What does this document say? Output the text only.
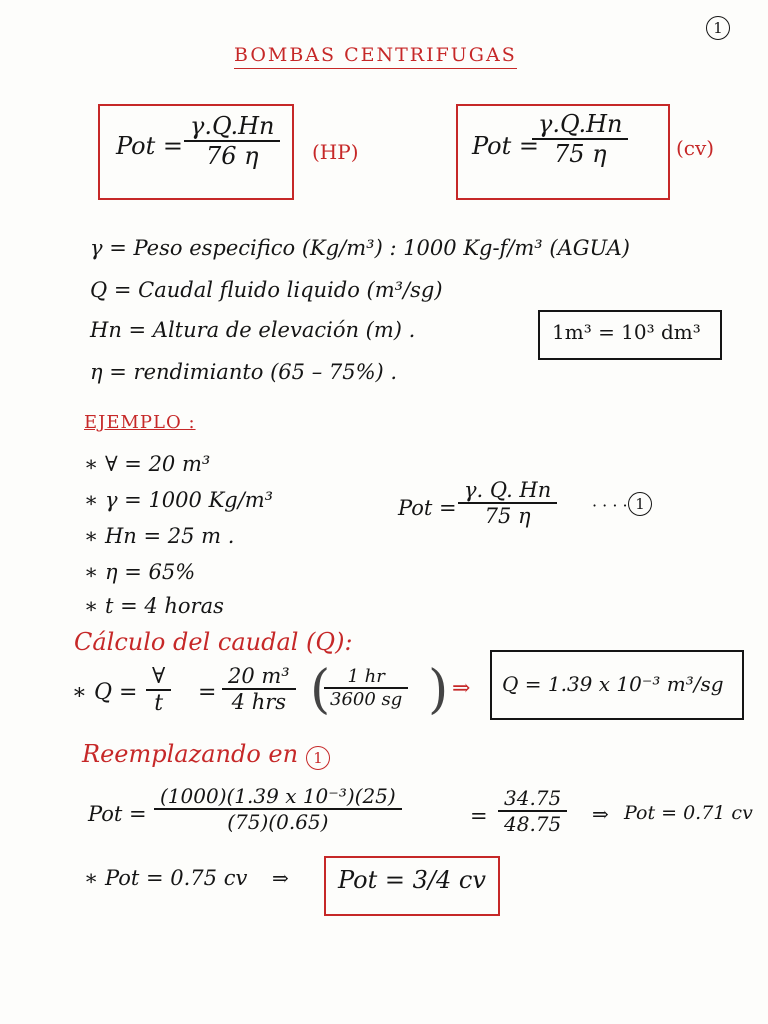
1
BOMBAS CENTRIFUGAS
Pot = $\frac{\gamma.Q.Hn}{76 \eta} (HP)$	Pot =
$\frac{\gamma.Q.Hn}{75 \eta} (cv)$
γ = Peso especifico (Kg/m³) : 1000 Kg-f/m³ (AGUA)
Q = Caudal fluido liquido (m³/sg)
Hn = Altura de elevación (m) .
η = rendimianto (65 – 75%) .
1m³ = 10³ dm³
EJEMPLO :
∗ ∀ = 20 m³
∗ γ = 1000 Kg/m³
∗ Hn = 25 m .
∗ η = 65%
∗ t = 4 horas
Pot = $\frac{\gamma. Q. Hn}{75 \eta}$ · · · · 1
Cálculo del caudal (Q):
∗ Q =
∀
t	=
20 m³
4 hrs (
$\frac{1 hr}{3600 sg}$ ) ⇒ Q = 1.39 x 10⁻³ m³/sg
Reemplazando en	1
Pot = $\frac{\text{(1000)(1.39 x 10⁻³)(25)}}{(75)(0.65)}$	= $\frac{34.75}{48.75}$ ⇒ Pot = 0.71 cv
∗ Pot = 0.75 cv ⇒ Pot = 3/4 cv
